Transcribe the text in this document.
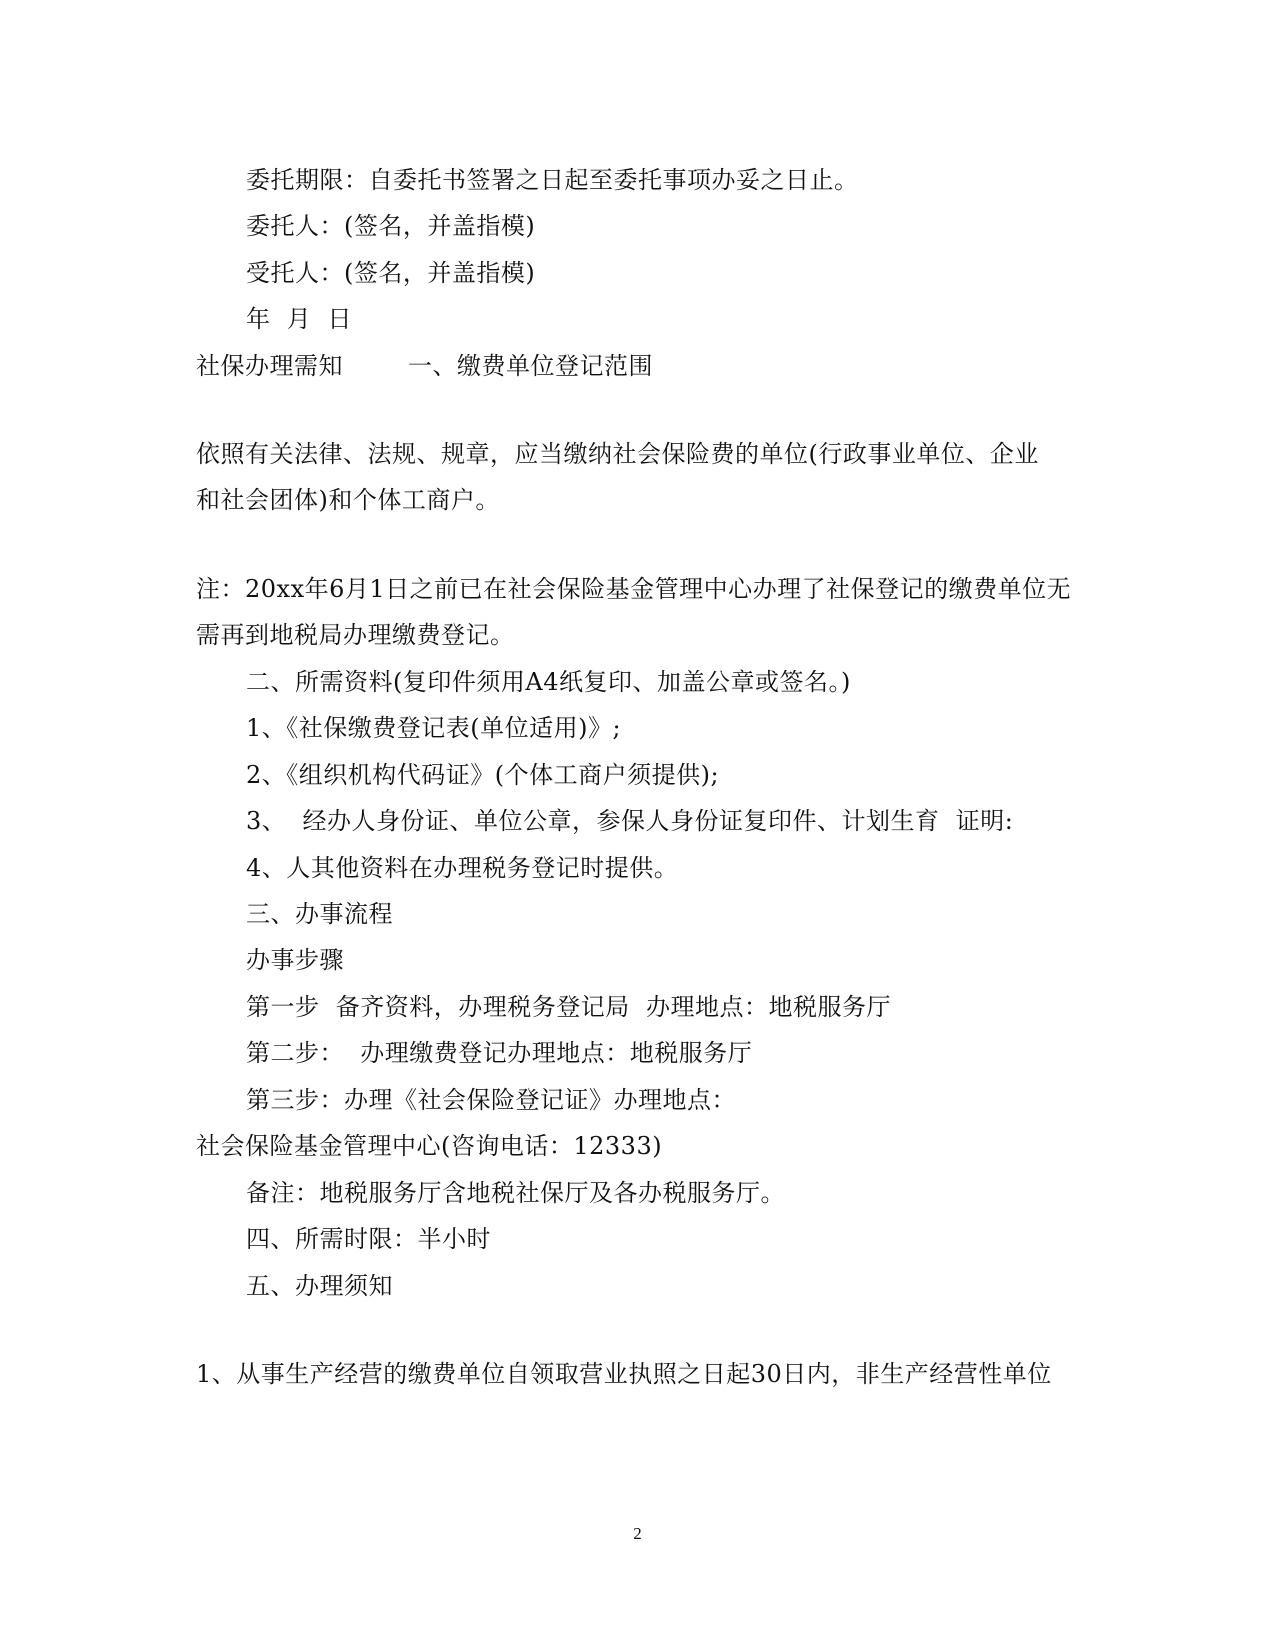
委托期限：自委托书签署之日起至委托事项办妥之日止。
委托人：(签名，并盖指模)
受托人：(签名，并盖指模)
年  月  日
社保办理需知        一、缴费单位登记范围
依照有关法律、法规、规章，应当缴纳社会保险费的单位(行政事业单位、企业
和社会团体)和个体工商户。
注：20xx年6月1日之前已在社会保险基金管理中心办理了社保登记的缴费单位无
需再到地税局办理缴费登记。
二、所需资料(复印件须用A4纸复印、加盖公章或签名。)
1、《社保缴费登记表(单位适用)》;
2、《组织机构代码证》(个体工商户须提供);
3、  经办人身份证、单位公章，参保人身份证复印件、计划生育  证明:
4、人其他资料在办理税务登记时提供。
三、办事流程
办事步骤
第一步  备齐资料，办理税务登记局  办理地点：地税服务厅
第二步：  办理缴费登记办理地点：地税服务厅
第三步：办理《社会保险登记证》办理地点：
社会保险基金管理中心(咨询电话：12333)
备注：地税服务厅含地税社保厅及各办税服务厅。
四、所需时限：半小时
五、办理须知
1、从事生产经营的缴费单位自领取营业执照之日起30日内，非生产经营性单位
2
